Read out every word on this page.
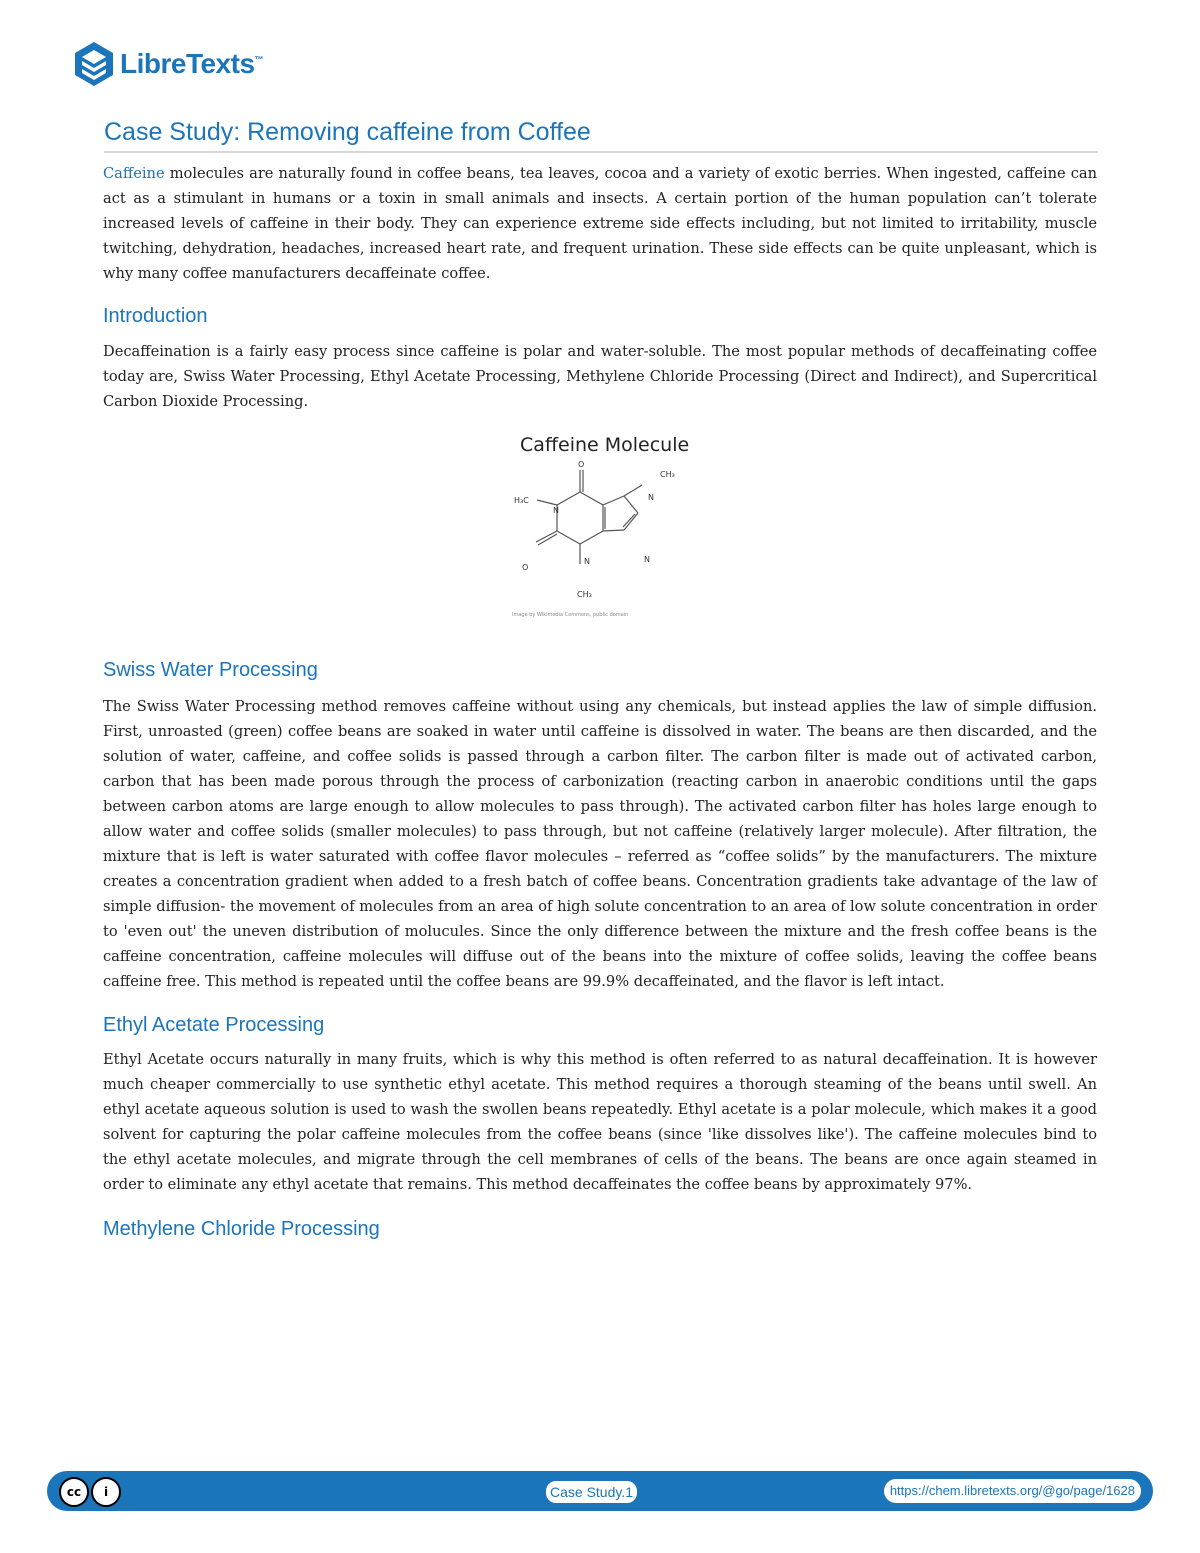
LibreTexts™
Case Study: Removing caffeine from Coffee

Caffeine molecules are naturally found in coffee beans, tea leaves, cocoa and a variety of exotic berries. When ingested, caffeine can act as a stimulant in humans or a toxin in small animals and insects. A certain portion of the human population can’t tolerate increased levels of caffeine in their body. They can experience extreme side effects including, but not limited to irritability, muscle twitching, dehydration, headaches, increased heart rate, and frequent urination. These side effects can be quite unpleasant, which is why many coffee manufacturers decaffeinate coffee.

Introduction

Decaffeination is a fairly easy process since caffeine is polar and water-soluble. The most popular methods of decaffeinating coffee today are, Swiss Water Processing, Ethyl Acetate Processing, Methylene Chloride Processing (Direct and Indirect), and Supercritical Carbon Dioxide Processing.

Caffeine Molecule
O
O
N
N
N
N
CH₃
H₃C
CH₃
Image by Wikimedia Commons, public domain
Swiss Water Processing

The Swiss Water Processing method removes caffeine without using any chemicals, but instead applies the law of simple diffusion. First, unroasted (green) coffee beans are soaked in water until caffeine is dissolved in water. The beans are then discarded, and the solution of water, caffeine, and coffee solids is passed through a carbon filter. The carbon filter is made out of activated carbon, carbon that has been made porous through the process of carbonization (reacting carbon in anaerobic conditions until the gaps between carbon atoms are large enough to allow molecules to pass through). The activated carbon filter has holes large enough to allow water and coffee solids (smaller molecules) to pass through, but not caffeine (relatively larger molecule). After filtration, the mixture that is left is water saturated with coffee flavor molecules – referred as “coffee solids” by the manufacturers. The mixture creates a concentration gradient when added to a fresh batch of coffee beans. Concentration gradients take advantage of the law of simple diffusion- the movement of molecules from an area of high solute concentration to an area of low solute concentration in order to 'even out' the uneven distribution of molucules. Since the only difference between the mixture and the fresh coffee beans is the caffeine concentration, caffeine molecules will diffuse out of the beans into the mixture of coffee solids, leaving the coffee beans caffeine free. This method is repeated until the coffee beans are 99.9% decaffeinated, and the flavor is left intact.

Ethyl Acetate Processing

Ethyl Acetate occurs naturally in many fruits, which is why this method is often referred to as natural decaffeination. It is however much cheaper commercially to use synthetic ethyl acetate. This method requires a thorough steaming of the beans until swell. An ethyl acetate aqueous solution is used to wash the swollen beans repeatedly. Ethyl acetate is a polar molecule, which makes it a good solvent for capturing the polar caffeine molecules from the coffee beans (since 'like dissolves like'). The caffeine molecules bind to the ethyl acetate molecules, and migrate through the cell membranes of cells of the beans. The beans are once again steamed in order to eliminate any ethyl acetate that remains. This method decaffeinates the coffee beans by approximately 97%.

Methylene Chloride Processing
cc	i	Case Study.1	https://chem.libretexts.org/@go/page/1628
